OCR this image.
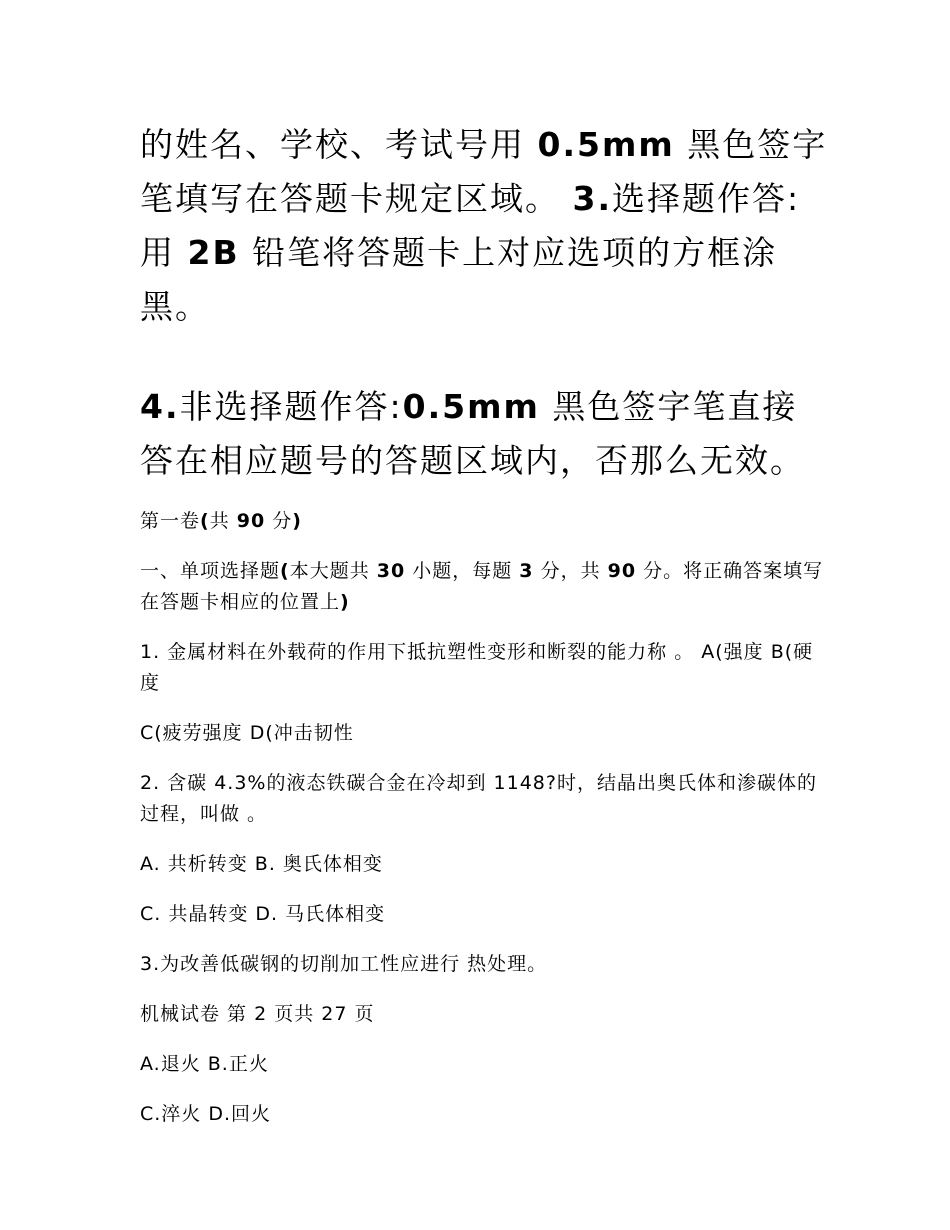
的姓名、学校、考试号用 0.5mm 黑色签字笔填写在答题卡规定区域。 3.选择题作答:用 2B 铅笔将答题卡上对应选项的方框涂黑。

4.非选择题作答:0.5mm 黑色签字笔直接答在相应题号的答题区域内，否那么无效。

第一卷(共 90 分)

一、单项选择题(本大题共 30 小题，每题 3 分，共 90 分。将正确答案填写在答题卡相应的位置上)

1. 金属材料在外载荷的作用下抵抗塑性变形和断裂的能力称 。 A(强度 B(硬度

C(疲劳强度 D(冲击韧性

2. 含碳 4.3%的液态铁碳合金在冷却到 1148?时，结晶出奥氏体和渗碳体的过程，叫做 。

A. 共析转变 B. 奥氏体相变

C. 共晶转变 D. 马氏体相变

3.为改善低碳钢的切削加工性应进行 热处理。

机械试卷 第 2 页共 27 页

A.退火 B.正火

C.淬火 D.回火
